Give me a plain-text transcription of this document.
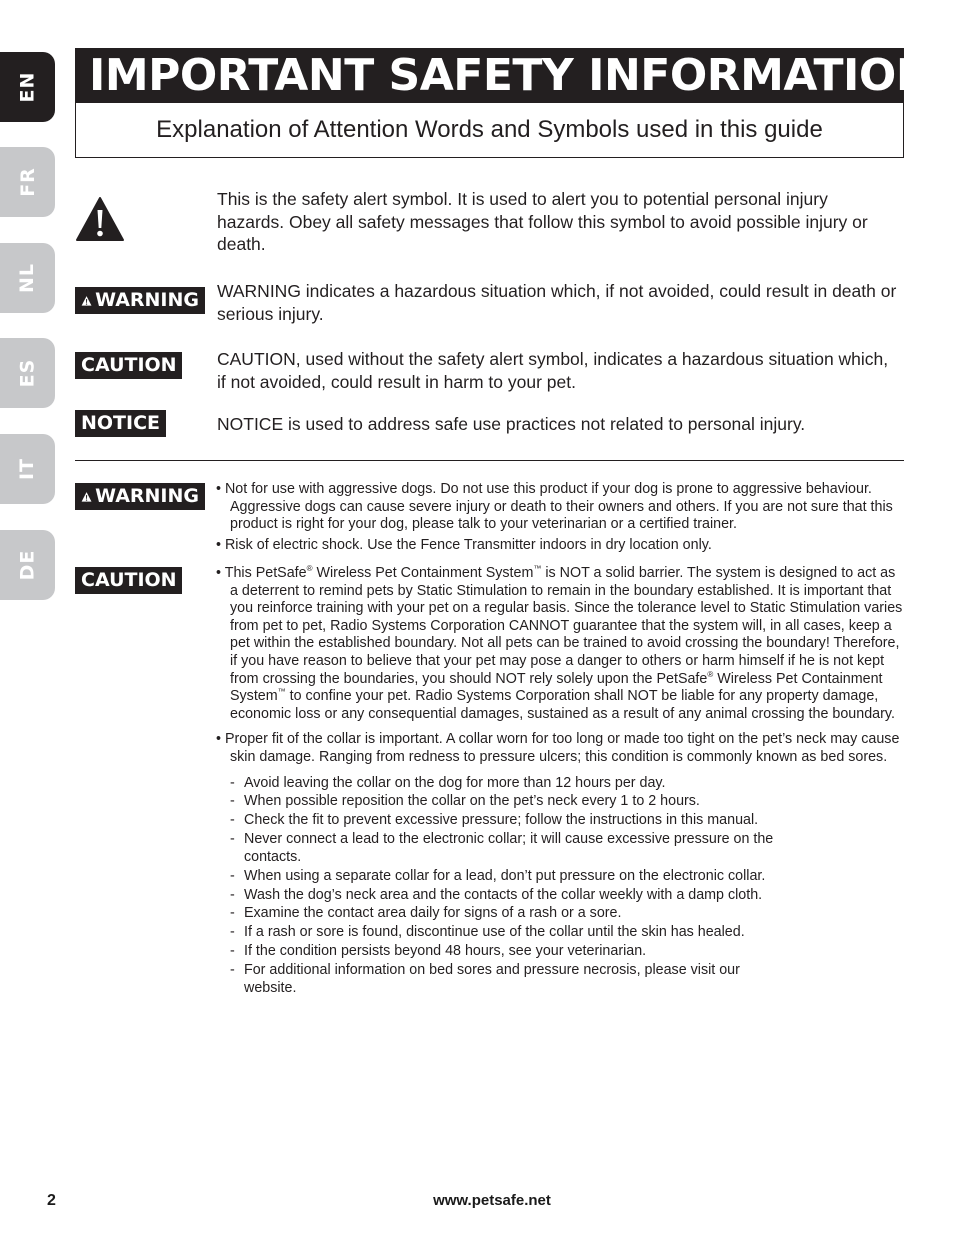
EN
FR
NL
ES
IT
DE
IMPORTANT SAFETY INFORMATION
Explanation of Attention Words and Symbols used in this guide
This is the safety alert symbol. It is used to alert you to potential personal injury hazards. Obey all safety messages that follow this symbol to avoid possible injury or death.
WARNING WARNING indicates a hazardous situation which, if not avoided, could result in death or serious injury.
CAUTION CAUTION, used without the safety alert symbol, indicates a hazardous situation which, if not avoided, could result in harm to your pet.
NOTICE	NOTICE is used to address safe use practices not related to personal injury.
WARNING • Not for use with aggressive dogs. Do not use this product if your dog is prone to aggressive behaviour. Aggressive dogs can cause severe injury or death to their owners and others. If you are not sure that this product is right for your dog, please talk to your veterinarian or a certified trainer.

• Risk of electric shock. Use the Fence Transmitter indoors in dry location only.

CAUTION	• This PetSafe® Wireless Pet Containment System™ is NOT a solid barrier. The system is designed to act as a deterrent to remind pets by Static Stimulation to remain in the boundary established. It is important that you reinforce training with your pet on a regular basis. Since the tolerance level to Static Stimulation varies from pet to pet, Radio Systems Corporation CANNOT guarantee that the system will, in all cases, keep a pet within the established boundary. Not all pets can be trained to avoid crossing the boundary! Therefore, if you have reason to believe that your pet may pose a danger to others or harm himself if he is not kept from crossing the boundaries, you should NOT rely solely upon the PetSafe® Wireless Pet Containment System™ to confine your pet. Radio Systems Corporation shall NOT be liable for any property damage, economic loss or any consequential damages, sustained as a result of any animal crossing the boundary.

• Proper fit of the collar is important. A collar worn for too long or made too tight on the pet’s neck may cause skin damage. Ranging from redness to pressure ulcers; this condition is commonly known as bed sores.

- Avoid leaving the collar on the dog for more than 12 hours per day.
- When possible reposition the collar on the pet’s neck every 1 to 2 hours.
- Check the fit to prevent excessive pressure; follow the instructions in this manual.
- Never connect a lead to the electronic collar; it will cause excessive pressure on the contacts.
- When using a separate collar for a lead, don’t put pressure on the electronic collar.
- Wash the dog’s neck area and the contacts of the collar weekly with a damp cloth.
- Examine the contact area daily for signs of a rash or a sore.
- If a rash or sore is found, discontinue use of the collar until the skin has healed.
- If the condition persists beyond 48 hours, see your veterinarian.
- For additional information on bed sores and pressure necrosis, please visit our website.
2	www.petsafe.net
